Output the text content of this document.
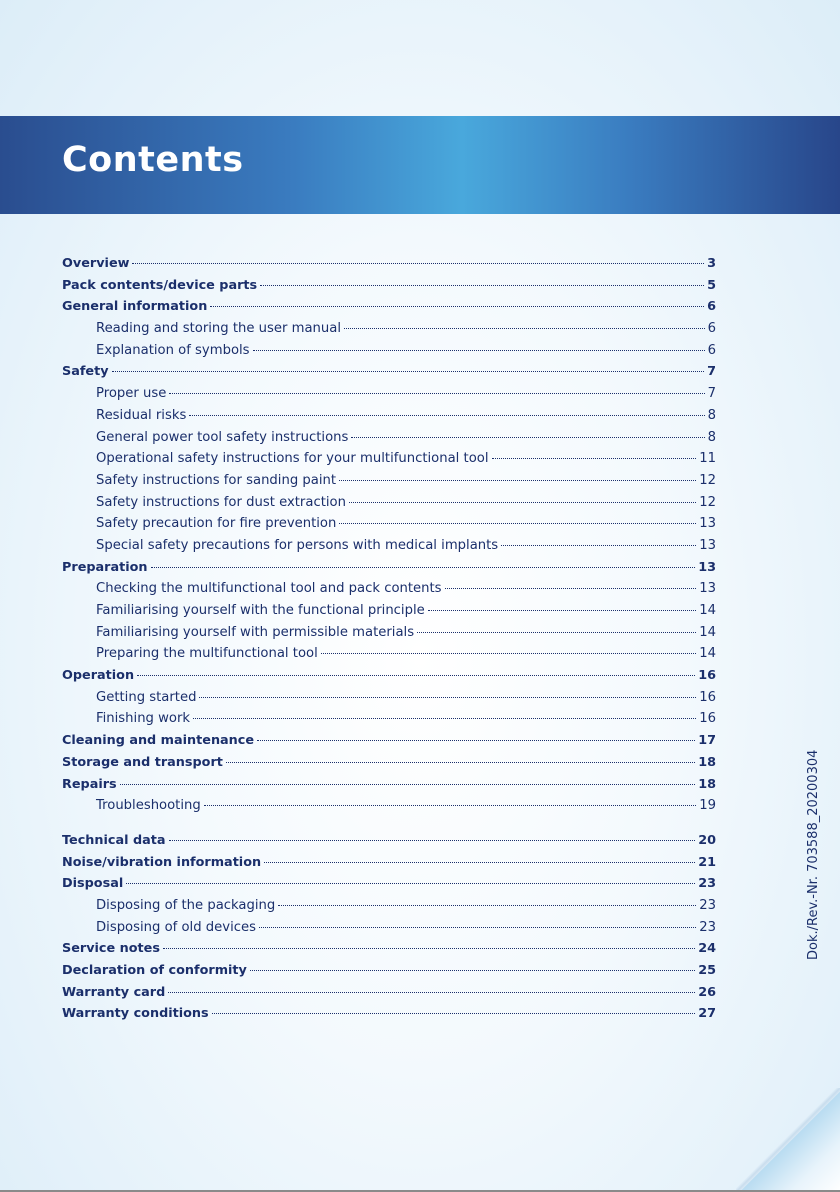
Contents
Overview	3
Pack contents/device parts	5
General information	6
Reading and storing the user manual	6
Explanation of symbols	6
Safety	7
Proper use	7
Residual risks	8
General power tool safety instructions	8
Operational safety instructions for your multifunctional tool	11
Safety instructions for sanding paint	12
Safety instructions for dust extraction	12
Safety precaution for fire prevention	13
Special safety precautions for persons with medical implants	13
Preparation	13
Checking the multifunctional tool and pack contents	13
Familiarising yourself with the functional principle	14
Familiarising yourself with permissible materials	14
Preparing the multifunctional tool	14
Operation	16
Getting started	16
Finishing work	16
Cleaning and maintenance	17
Storage and transport	18
Repairs	18
Troubleshooting	19
Technical data	20
Noise/vibration information	21
Disposal	23
Disposing of the packaging	23
Disposing of old devices	23
Service notes	24
Declaration of conformity	25
Warranty card	26
Warranty conditions	27

Dok./Rev.-Nr. 703588_20200304
